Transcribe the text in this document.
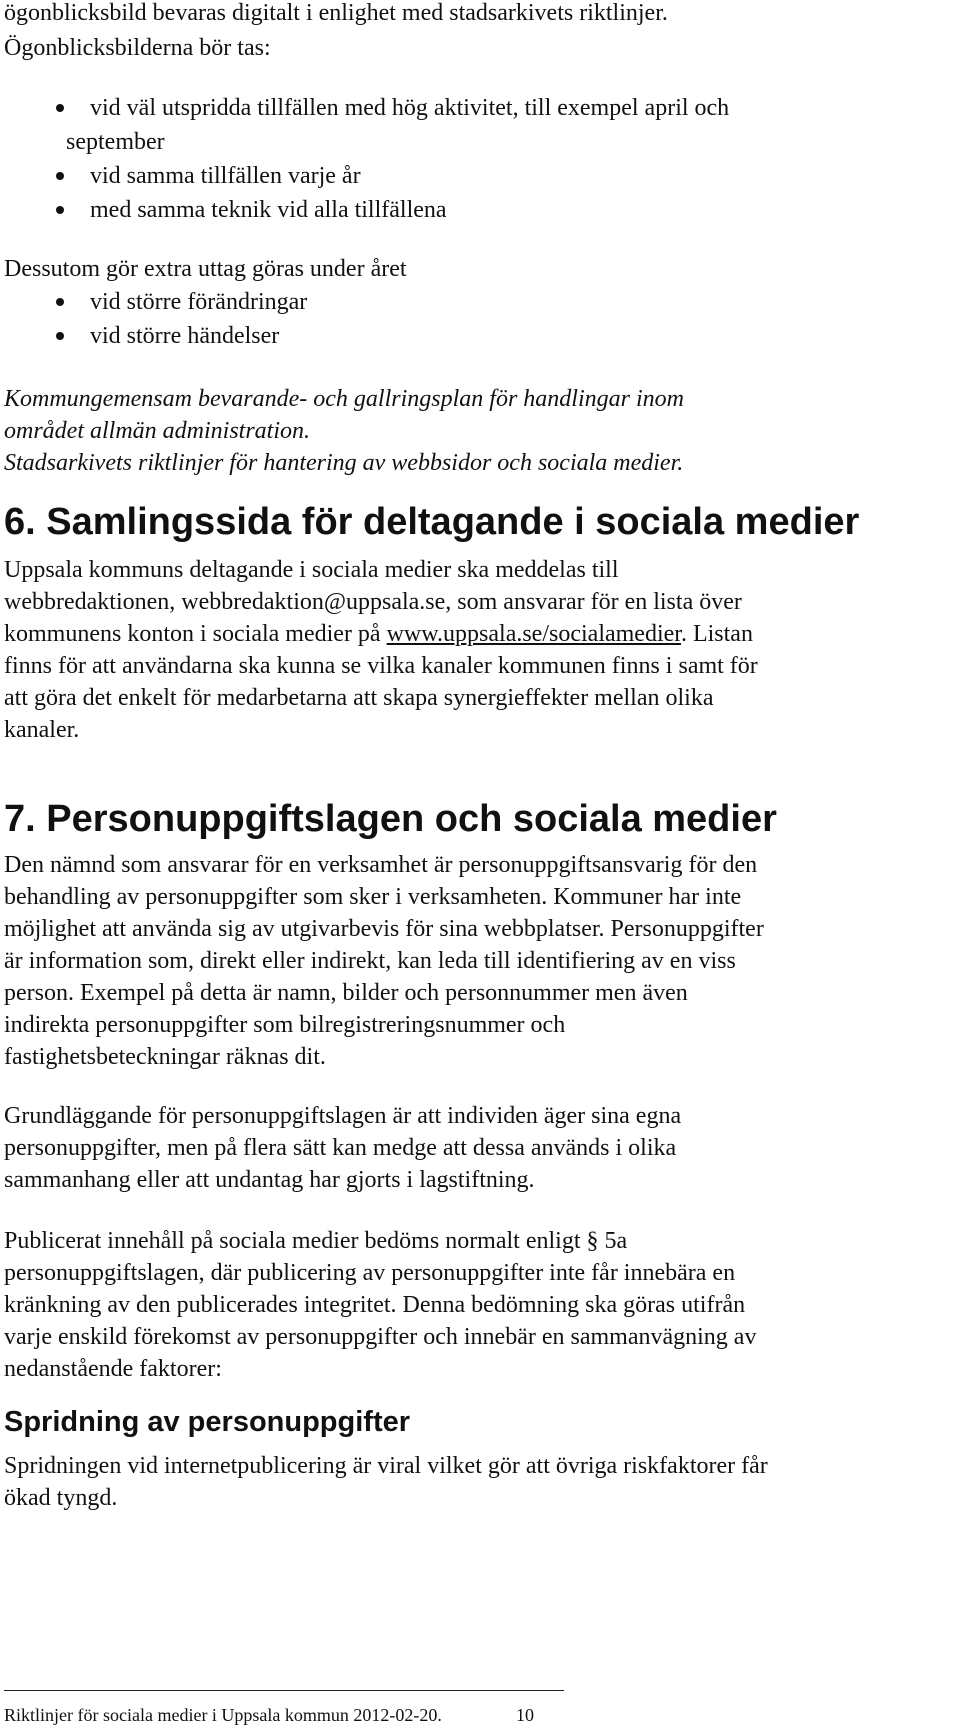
ögonblicksbild bevaras digitalt i enlighet med stadsarkivets riktlinjer.

Ögonblicksbilderna bör tas:

vid väl utspridda tillfällen med hög aktivitet, till exempel april och
september
vid samma tillfällen varje år
med samma teknik vid alla tillfällena

Dessutom gör extra uttag göras under året

vid större förändringar
vid större händelser

Kommungemensam bevarande- och gallringsplan för handlingar inom

området allmän administration.

Stadsarkivets riktlinjer för hantering av webbsidor och sociala medier.

6. Samlingssida för deltagande i sociala medier

Uppsala kommuns deltagande i sociala medier ska meddelas till

webbredaktionen, webbredaktion@uppsala.se, som ansvarar för en lista över

kommunens konton i sociala medier på www.uppsala.se/socialamedier. Listan

finns för att användarna ska kunna se vilka kanaler kommunen finns i samt för

att göra det enkelt för medarbetarna att skapa synergieffekter mellan olika

kanaler.

7. Personuppgiftslagen och sociala medier

Den nämnd som ansvarar för en verksamhet är personuppgiftsansvarig för den

behandling av personuppgifter som sker i verksamheten. Kommuner har inte

möjlighet att använda sig av utgivarbevis för sina webbplatser. Personuppgifter

är information som, direkt eller indirekt, kan leda till identifiering av en viss

person. Exempel på detta är namn, bilder och personnummer men även

indirekta personuppgifter som bilregistreringsnummer och

fastighetsbeteckningar räknas dit.

Grundläggande för personuppgiftslagen är att individen äger sina egna

personuppgifter, men på flera sätt kan medge att dessa används i olika

sammanhang eller att undantag har gjorts i lagstiftning.

Publicerat innehåll på sociala medier bedöms normalt enligt § 5a

personuppgiftslagen, där publicering av personuppgifter inte får innebära en

kränkning av den publicerades integritet. Denna bedömning ska göras utifrån

varje enskild förekomst av personuppgifter och innebär en sammanvägning av

nedanstående faktorer:

Spridning av personuppgifter

Spridningen vid internetpublicering är viral vilket gör att övriga riskfaktorer får

ökad tyngd.

Riktlinjer för sociala medier i Uppsala kommun 2012-02-20.	10
